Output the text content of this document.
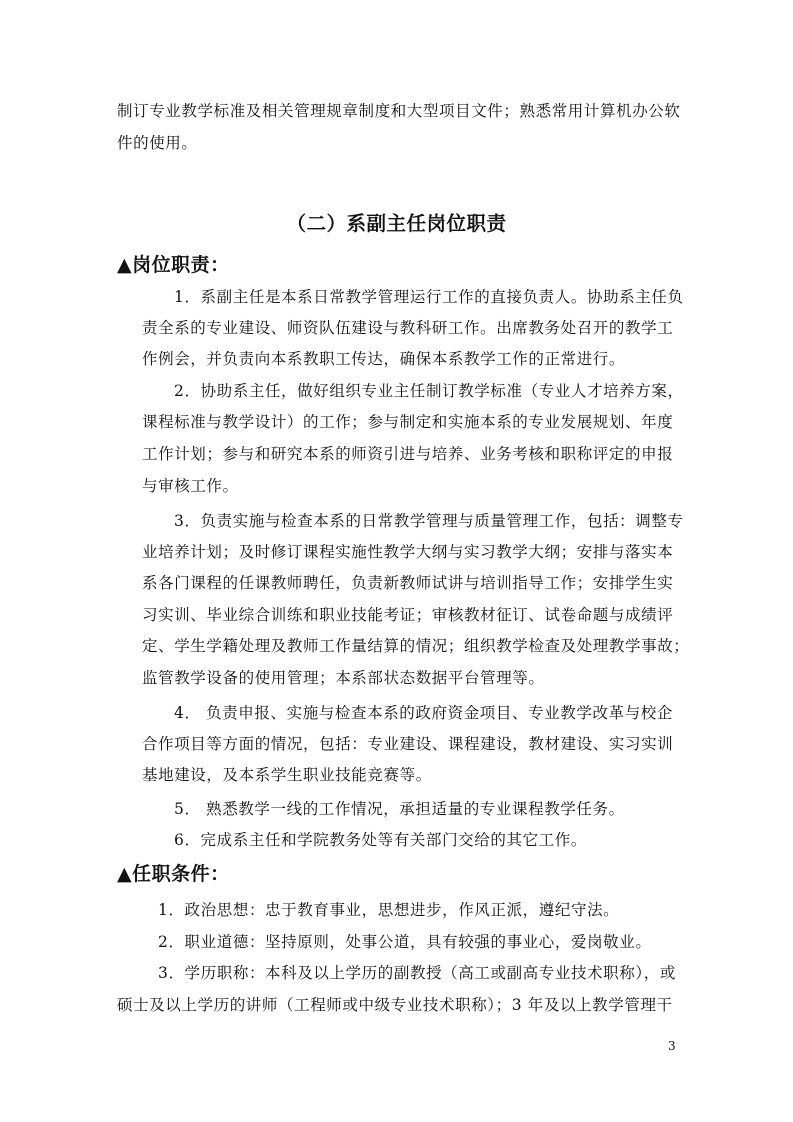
制订专业教学标准及相关管理规章制度和大型项目文件；熟悉常用计算机办公软

件的使用。

（二）系副主任岗位职责
▲岗位职责：

1．系副主任是本系日常教学管理运行工作的直接负责人。协助系主任负

责全系的专业建设、师资队伍建设与教科研工作。出席教务处召开的教学工

作例会，并负责向本系教职工传达，确保本系教学工作的正常进行。

2．协助系主任，做好组织专业主任制订教学标准（专业人才培养方案，

课程标准与教学设计）的工作；参与制定和实施本系的专业发展规划、年度

工作计划；参与和研究本系的师资引进与培养、业务考核和职称评定的申报

与审核工作。

3．负责实施与检查本系的日常教学管理与质量管理工作，包括：调整专

业培养计划；及时修订课程实施性教学大纲与实习教学大纲；安排与落实本

系各门课程的任课教师聘任，负责新教师试讲与培训指导工作；安排学生实

习实训、毕业综合训练和职业技能考证；审核教材征订、试卷命题与成绩评

定、学生学籍处理及教师工作量结算的情况；组织教学检查及处理教学事故；

监管教学设备的使用管理；本系部状态数据平台管理等。

4． 负责申报、实施与检查本系的政府资金项目、专业教学改革与校企

合作项目等方面的情况，包括：专业建设、课程建设，教材建设、实习实训

基地建设，及本系学生职业技能竞赛等。

5． 熟悉教学一线的工作情况，承担适量的专业课程教学任务。

6．完成系主任和学院教务处等有关部门交给的其它工作。

▲任职条件：

1．政治思想：忠于教育事业，思想进步，作风正派，遵纪守法。

2．职业道德：坚持原则，处事公道，具有较强的事业心，爱岗敬业。

3．学历职称：本科及以上学历的副教授（高工或副高专业技术职称），或

硕士及以上学历的讲师（工程师或中级专业技术职称）；3 年及以上教学管理干

3
